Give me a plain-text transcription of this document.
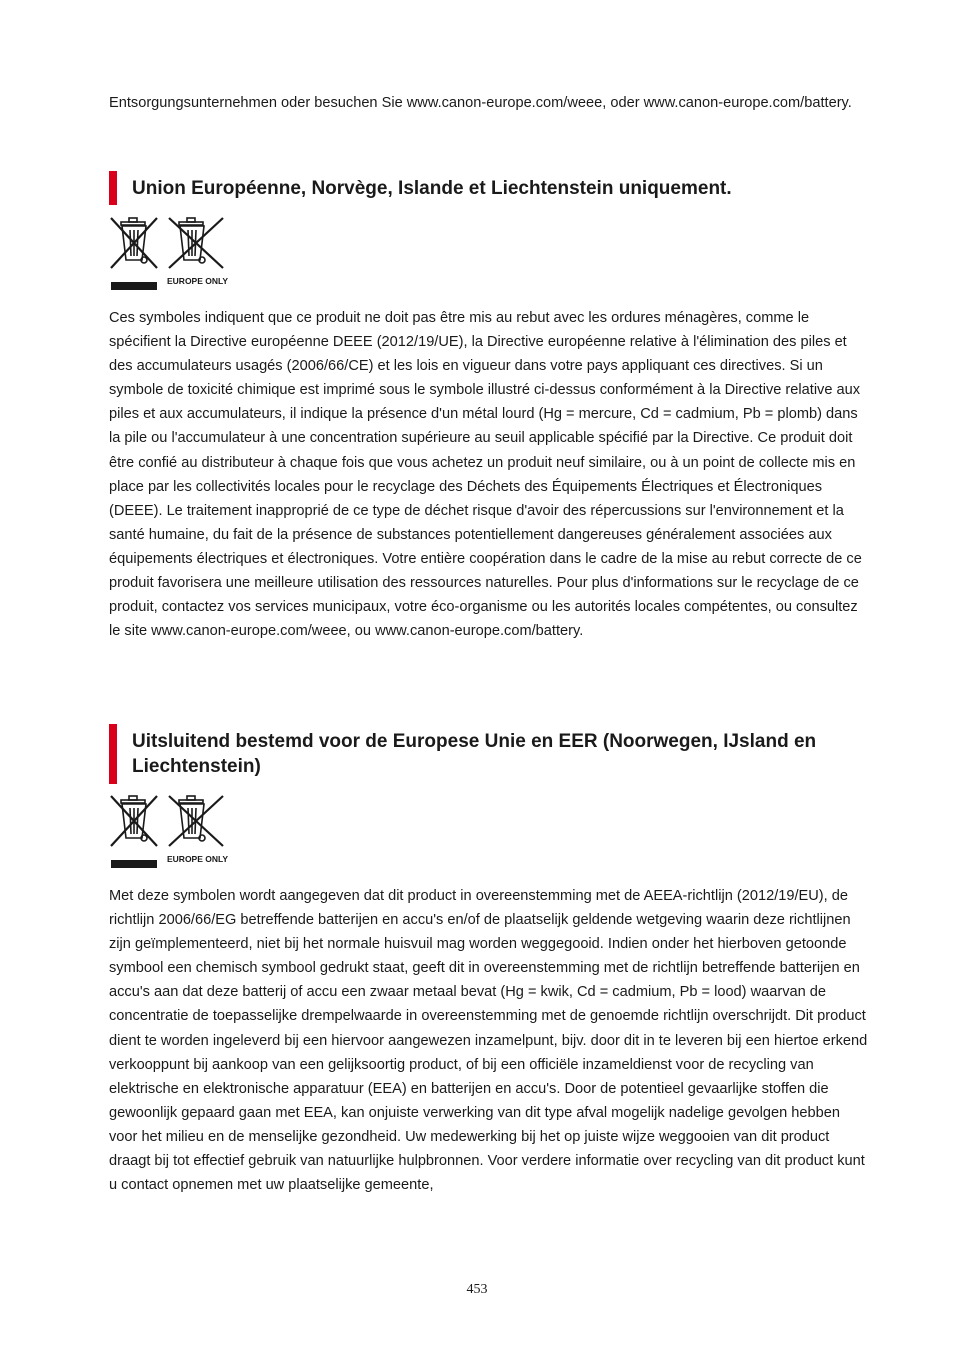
Entsorgungsunternehmen oder besuchen Sie www.canon-europe.com/weee, oder www.canon-europe.com/battery.

Union Européenne, Norvège, Islande et Liechtenstein uniquement.
EUROPE ONLY

Ces symboles indiquent que ce produit ne doit pas être mis au rebut avec les ordures ménagères, comme le spécifient la Directive européenne DEEE (2012/19/UE), la Directive européenne relative à l'élimination des piles et des accumulateurs usagés (2006/66/CE) et les lois en vigueur dans votre pays appliquant ces directives. Si un symbole de toxicité chimique est imprimé sous le symbole illustré ci-dessus conformément à la Directive relative aux piles et aux accumulateurs, il indique la présence d'un métal lourd (Hg = mercure, Cd = cadmium, Pb = plomb) dans la pile ou l'accumulateur à une concentration supérieure au seuil applicable spécifié par la Directive. Ce produit doit être confié au distributeur à chaque fois que vous achetez un produit neuf similaire, ou à un point de collecte mis en place par les collectivités locales pour le recyclage des Déchets des Équipements Électriques et Électroniques (DEEE). Le traitement inapproprié de ce type de déchet risque d'avoir des répercussions sur l'environnement et la santé humaine, du fait de la présence de substances potentiellement dangereuses généralement associées aux équipements électriques et électroniques. Votre entière coopération dans le cadre de la mise au rebut correcte de ce produit favorisera une meilleure utilisation des ressources naturelles. Pour plus d'informations sur le recyclage de ce produit, contactez vos services municipaux, votre éco-organisme ou les autorités locales compétentes, ou consultez le site www.canon-europe.com/weee, ou www.canon-europe.com/battery.

Uitsluitend bestemd voor de Europese Unie en EER (Noorwegen, IJsland en Liechtenstein)
EUROPE ONLY

Met deze symbolen wordt aangegeven dat dit product in overeenstemming met de AEEA-richtlijn (2012/19/EU), de richtlijn 2006/66/EG betreffende batterijen en accu's en/of de plaatselijk geldende wetgeving waarin deze richtlijnen zijn geïmplementeerd, niet bij het normale huisvuil mag worden weggegooid. Indien onder het hierboven getoonde symbool een chemisch symbool gedrukt staat, geeft dit in overeenstemming met de richtlijn betreffende batterijen en accu's aan dat deze batterij of accu een zwaar metaal bevat (Hg = kwik, Cd = cadmium, Pb = lood) waarvan de concentratie de toepasselijke drempelwaarde in overeenstemming met de genoemde richtlijn overschrijdt. Dit product dient te worden ingeleverd bij een hiervoor aangewezen inzamelpunt, bijv. door dit in te leveren bij een hiertoe erkend verkooppunt bij aankoop van een gelijksoortig product, of bij een officiële inzameldienst voor de recycling van elektrische en elektronische apparatuur (EEA) en batterijen en accu's. Door de potentieel gevaarlijke stoffen die gewoonlijk gepaard gaan met EEA, kan onjuiste verwerking van dit type afval mogelijk nadelige gevolgen hebben voor het milieu en de menselijke gezondheid. Uw medewerking bij het op juiste wijze weggooien van dit product draagt bij tot effectief gebruik van natuurlijke hulpbronnen. Voor verdere informatie over recycling van dit product kunt u contact opnemen met uw plaatselijke gemeente,

453
